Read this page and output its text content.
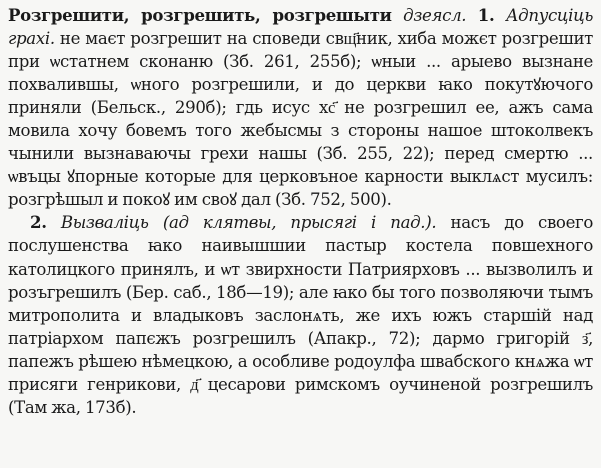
Розгрешити, розгрешить, розгрешыти дзеясл. 1. Адпусціць грахі. не маєт розгрешит на споведи свщ҃ник, хиба можєт розгрешит при ѡстатнем сконаню (Зб. 261, 255б); ѡныи ... арыево вызнане похвалившы, ѡного розгрешили, и до церкви ꙗко покутꙋючого приняли (Бельск., 290б); гдь исус хс҃ не розгрешил ее, ажъ сама мовила хочу бовемъ того жебысмы з стороны нашое штоколвекъ чынили вызнаваючы грехи нашы (Зб. 255, 22); перед смертю ... ѡвъцы ꙋпорные которые для церковъное карности выклѧст мусилъ: розгрѣшыл и покоꙋ им своꙋ дал (Зб. 752, 500).

2. Вызваліць (ад клятвы, прысягі і пад.). насъ до своего послушенства ꙗко наивышшии пастыр костела повшехного католицкого принялъ, и ѡт звирхности Патриярховъ ... вызволилъ и розъгрешилъ (Бер. саб., 18б—19); але ꙗко бы того позволяючи тымъ митрополита и владыковъ заслонѧть, же ихъ южъ старшій над патріархом папєжъ розгрешилъ (Апакр., 72); дармо григорій з҃, папежъ рѣшею нѣмецкою, а особливе родоулфа швабского кнѧжа ѡт присяги генрикови, д҃ цесарови римскомъ оучиненой розгрешилъ (Там жа, 173б).
